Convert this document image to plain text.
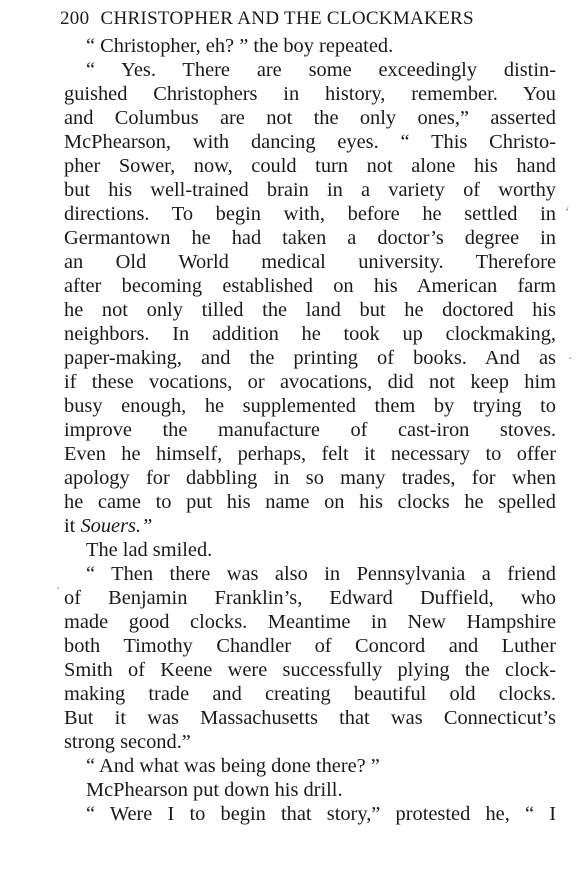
200 CHRISTOPHER AND THE CLOCKMAKERS
“ Christopher, eh? ” the boy repeated.
“ Yes. There are some exceedingly distin-
guished Christophers in history, remember. You
and Columbus are not the only ones,” asserted
McPhearson, with dancing eyes. “ This Christo-
pher Sower, now, could turn not alone his hand
but his well-trained brain in a variety of worthy
directions. To begin with, before he settled in
Germantown he had taken a doctor’s degree in
an Old World medical university. Therefore
after becoming established on his American farm
he not only tilled the land but he doctored his
neighbors. In addition he took up clockmaking,
paper-making, and the printing of books. And as
if these vocations, or avocations, did not keep him
busy enough, he supplemented them by trying to
improve the manufacture of cast-iron stoves.
Even he himself, perhaps, felt it necessary to offer
apology for dabbling in so many trades, for when
he came to put his name on his clocks he spelled
it Souers.”
The lad smiled.
“ Then there was also in Pennsylvania a friend
of Benjamin Franklin’s, Edward Duffield, who
made good clocks. Meantime in New Hampshire
both Timothy Chandler of Concord and Luther
Smith of Keene were successfully plying the clock-
making trade and creating beautiful old clocks.
But it was Massachusetts that was Connecticut’s
strong second.”
“ And what was being done there? ”
McPhearson put down his drill.
“ Were I to begin that story,” protested he, “ I
‘
·
·
